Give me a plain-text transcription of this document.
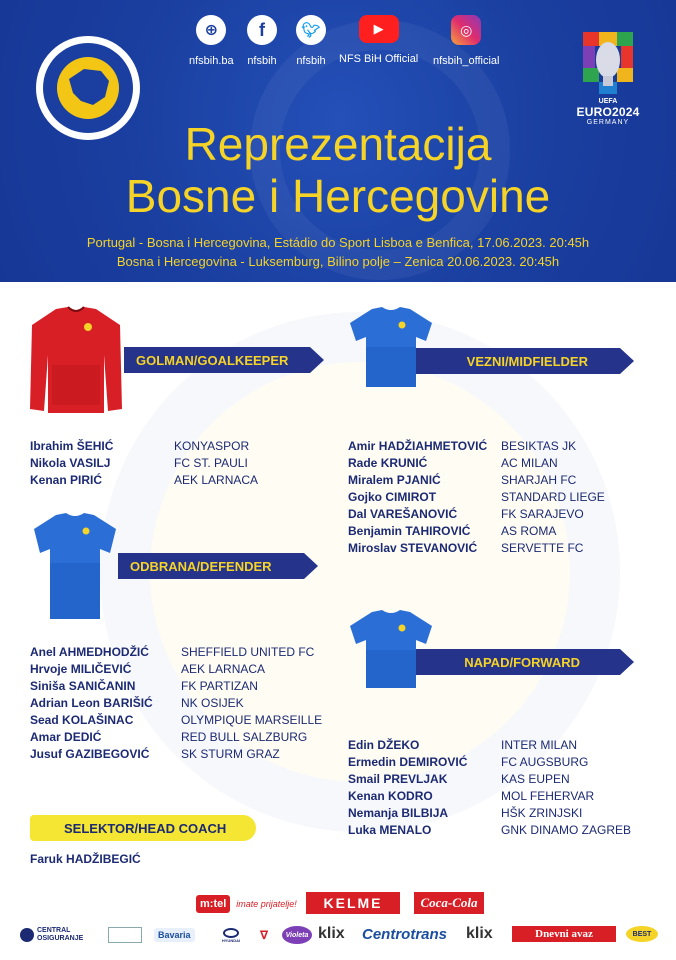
⊕
nfsbih.ba
f
nfsbih
🐦︎
nfsbih
▶
NFS BiH Official
◎
nfsbih_official
UEFA
EURO2024
GERMANY
Reprezentacija
Bosne i Hercegovine
Portugal - Bosna i Hercegovina, Estádio do Sport Lisboa e Benfica, 17.06.2023. 20:45h
Bosna i Hercegovina - Luksemburg, Bilino polje – Zenica 20.06.2023. 20:45h
GOLMAN/GOALKEEPER	VEZNI/MIDFIELDER
ODBRANA/DEFENDER
NAPAD/FORWARD
Ibrahim ŠEHIĆ	KONYASPOR
Nikola VASILJ	FC ST. PAULI
Kenan PIRIĆ	AEK LARNACA
Amir HADŽIAHMETOVIĆ	BESIKTAS JK
Rade KRUNIĆ	AC MILAN
Miralem PJANIĆ	SHARJAH FC
Gojko CIMIROT	STANDARD LIEGE
Dal VAREŠANOVIĆ	FK SARAJEVO
Benjamin TAHIROVIĆ	AS ROMA
Miroslav STEVANOVIĆ	SERVETTE FC
Anel AHMEDHODŽIĆ	SHEFFIELD UNITED FC
Hrvoje MILIČEVIĆ	AEK LARNACA
Siniša SANIČANIN	FK PARTIZAN
Adrian Leon BARIŠIĆ	NK OSIJEK
Sead KOLAŠINAC	OLYMPIQUE MARSEILLE
Amar DEDIĆ	RED BULL SALZBURG
Jusuf GAZIBEGOVIĆ	SK STURM GRAZ
Edin DŽEKO	INTER MILAN
Ermedin DEMIROVIĆ	FC AUGSBURG
Smail PREVLJAK	KAS EUPEN
Kenan KODRO	MOL FEHERVAR
Nemanja BILBIJA	HŠK ZRINJSKI
Luka MENALO	GNK DINAMO ZAGREB
SELEKTOR/HEAD COACH
Faruk HADŽIBEGIĆ
m:tel	imate prijatelje! KELME	Coca-Cola
CENTRAL OSIGURANJE	Bavaria	HYUNDAI	∇	Violeta klix Centrotrans klix	Dnevni avaz	BEST
